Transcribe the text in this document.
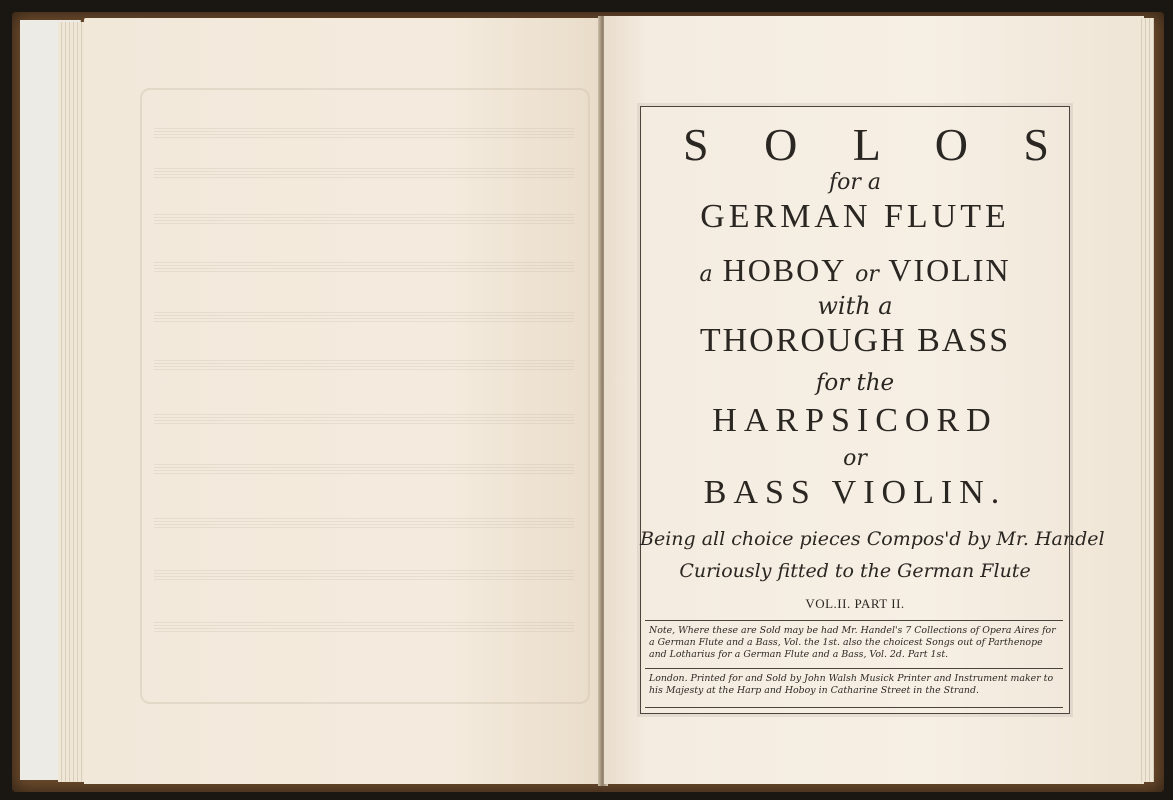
S O L O S
for a
GERMAN FLUTE
a HOBOY or VIOLIN
with a
THOROUGH BASS
for the
HARPSICORD
or
BASS VIOLIN.
Being all choice pieces Compos'd by Mr. Handel
Curiously fitted to the German Flute
VOL.II. PART II.

Note, Where these are Sold may be had Mr. Handel's 7 Collections of Opera Aires for a German Flute and a Bass, Vol. the 1st. also the choicest Songs out of Parthenope and Lotharius for a German Flute and a Bass, Vol. 2d. Part 1st.

London. Printed for and Sold by John Walsh Musick Printer and Instrument maker to his Majesty at the Harp and Hoboy in Catharine Street in the Strand.
